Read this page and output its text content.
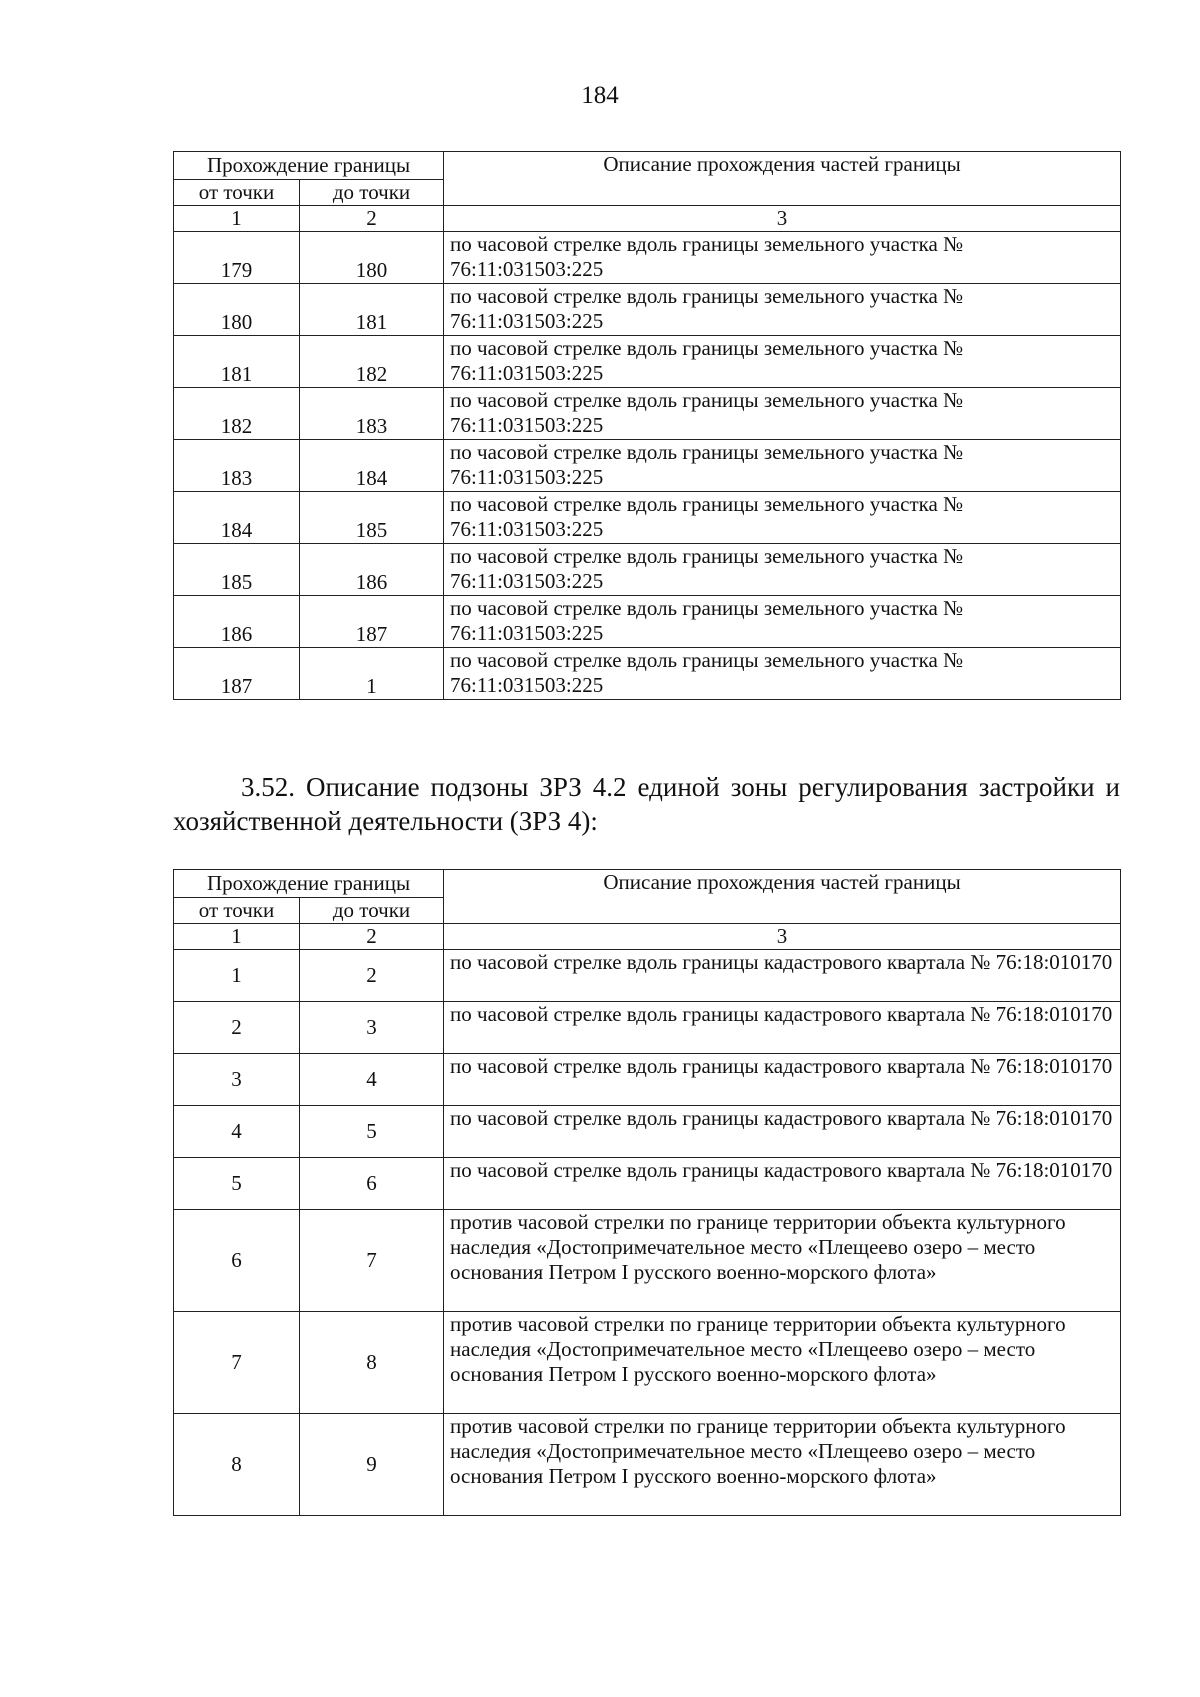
184
Прохождение границы		Описание прохождения частей границы
от точки	до точки	
1	2	3
179	180	по часовой стрелке вдоль границы земельного участка № 76:11:031503:225
180	181	по часовой стрелке вдоль границы земельного участка № 76:11:031503:225
181	182	по часовой стрелке вдоль границы земельного участка № 76:11:031503:225
182	183	по часовой стрелке вдоль границы земельного участка № 76:11:031503:225
183	184	по часовой стрелке вдоль границы земельного участка № 76:11:031503:225
184	185	по часовой стрелке вдоль границы земельного участка № 76:11:031503:225
185	186	по часовой стрелке вдоль границы земельного участка № 76:11:031503:225
186	187	по часовой стрелке вдоль границы земельного участка № 76:11:031503:225
187	1	по часовой стрелке вдоль границы земельного участка № 76:11:031503:225
3.52. Описание подзоны ЗРЗ 4.2 единой зоны регулирования застройки и хозяйственной деятельности (ЗРЗ 4):
Прохождение границы		Описание прохождения частей границы
от точки	до точки	
1	2	3
1	2	по часовой стрелке вдоль границы кадастрового квартала № 76:18:010170
2	3	по часовой стрелке вдоль границы кадастрового квартала № 76:18:010170
3	4	по часовой стрелке вдоль границы кадастрового квартала № 76:18:010170
4	5	по часовой стрелке вдоль границы кадастрового квартала № 76:18:010170
5	6	по часовой стрелке вдоль границы кадастрового квартала № 76:18:010170
6	7	против часовой стрелки по границе территории объекта культурного наследия «Достопримечательное место «Плещеево озеро – место основания Петром I русского военно-морского флота»
7	8	против часовой стрелки по границе территории объекта культурного наследия «Достопримечательное место «Плещеево озеро – место основания Петром I русского военно-морского флота»
8	9	против часовой стрелки по границе территории объекта культурного наследия «Достопримечательное место «Плещеево озеро – место основания Петром I русского военно-морского флота»
